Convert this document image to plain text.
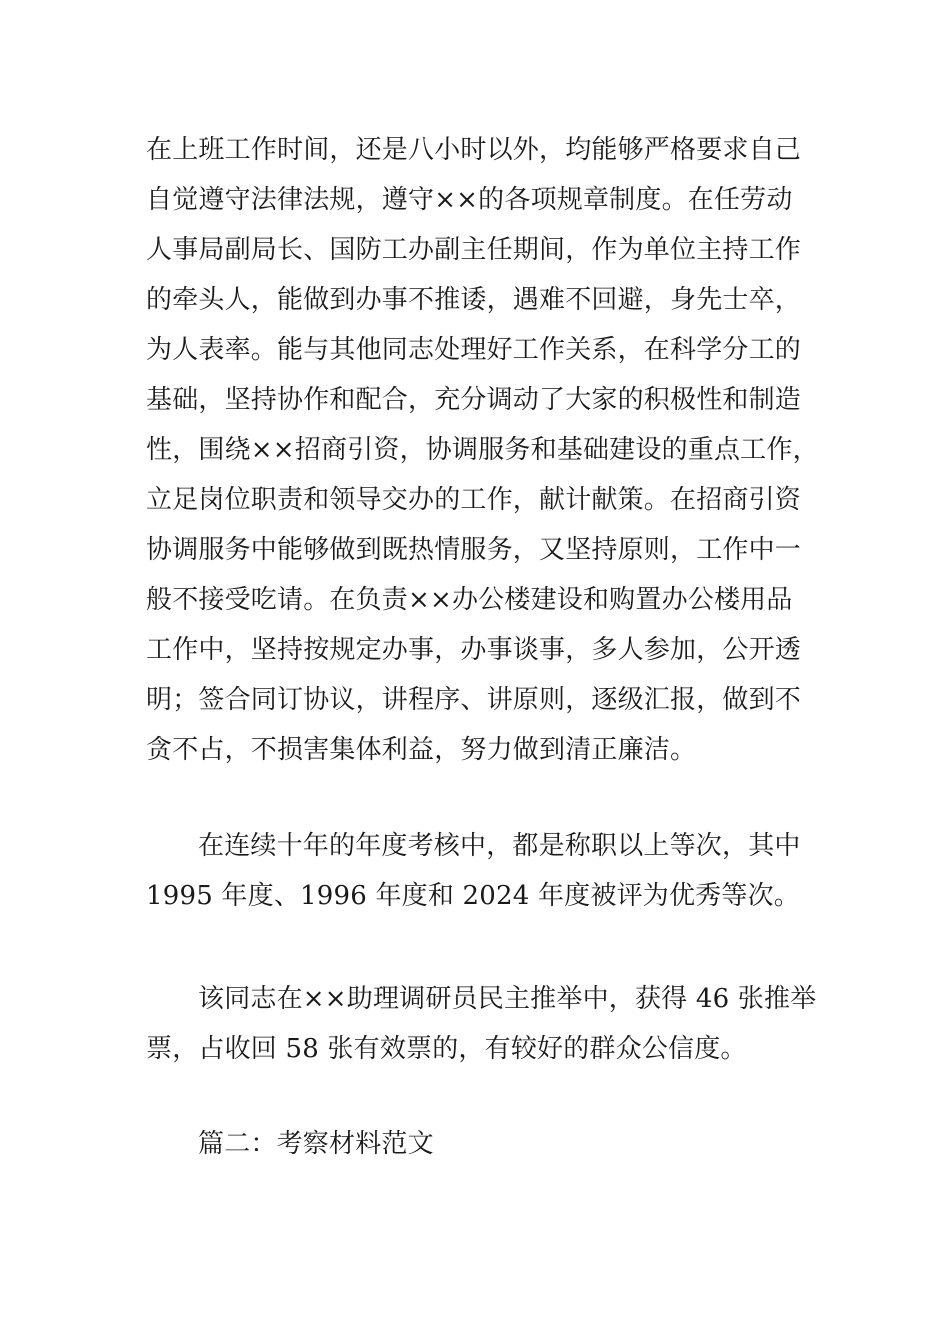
在上班工作时间，还是八小时以外，均能够严格要求自己
自觉遵守法律法规，遵守××的各项规章制度。在任劳动
人事局副局长、国防工办副主任期间，作为单位主持工作
的牵头人，能做到办事不推诿，遇难不回避，身先士卒，
为人表率。能与其他同志处理好工作关系，在科学分工的
基础，坚持协作和配合，充分调动了大家的积极性和制造
性，围绕××招商引资，协调服务和基础建设的重点工作，
立足岗位职责和领导交办的工作，献计献策。在招商引资
协调服务中能够做到既热情服务，又坚持原则，工作中一
般不接受吃请。在负责××办公楼建设和购置办公楼用品
工作中，坚持按规定办事，办事谈事，多人参加，公开透
明；签合同订协议，讲程序、讲原则，逐级汇报，做到不
贪不占，不损害集体利益，努力做到清正廉洁。
在连续十年的年度考核中，都是称职以上等次，其中
1995 年度、1996 年度和 2024 年度被评为优秀等次。
该同志在××助理调研员民主推举中，获得 46 张推举
票，占收回 58 张有效票的，有较好的群众公信度。
篇二：考察材料范文
